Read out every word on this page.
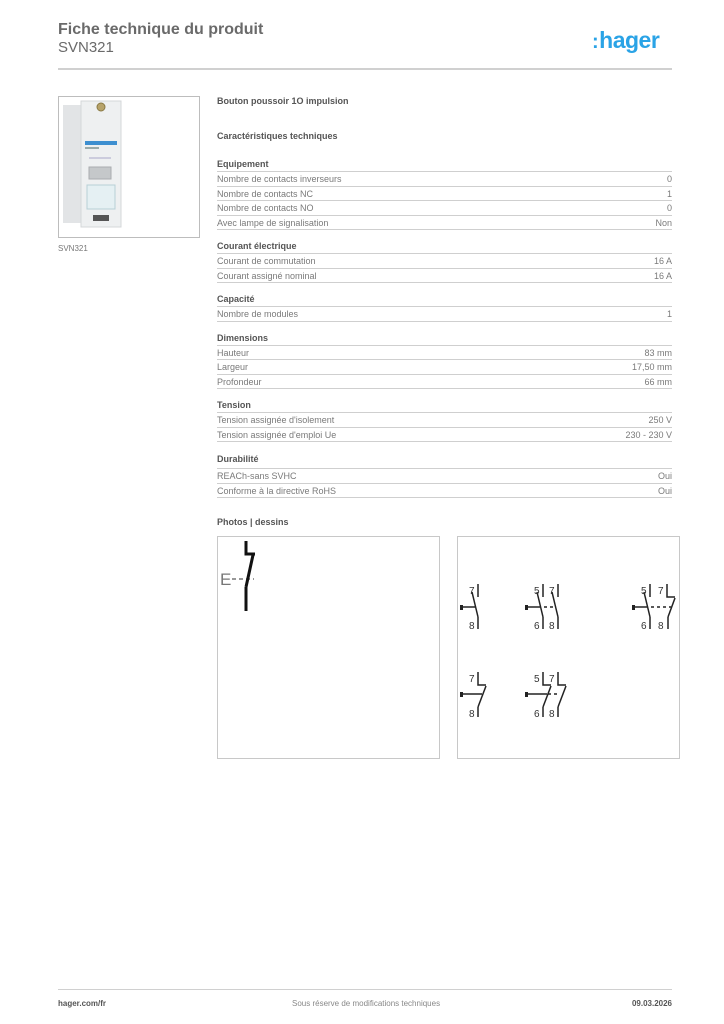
Fiche technique du produit
SVN321	:hager
SVN321
Bouton poussoir 1O impulsion
Caractéristiques techniques
Equipement
Nombre de contacts inverseurs	0
Nombre de contacts NC	1
Nombre de contacts NO	0
Avec lampe de signalisation	Non
Courant électrique
Courant de commutation	16 A
Courant assigné nominal	16 A
Capacité
Nombre de modules	1
Dimensions
Hauteur	83 mm
Largeur	17,50 mm
Profondeur	66 mm
Tension
Tension assignée d'isolement	250 V
Tension assignée d'emploi Ue	230 - 230 V
Durabilité
REACh-sans SVHC	Oui
Conforme à la directive RoHS	Oui
Photos | dessins
E
7
8
5
6
7
8
5
6
7
8
7
8
5
6
7
8
hager.com/fr	Sous réserve de modifications techniques	09.03.2026
